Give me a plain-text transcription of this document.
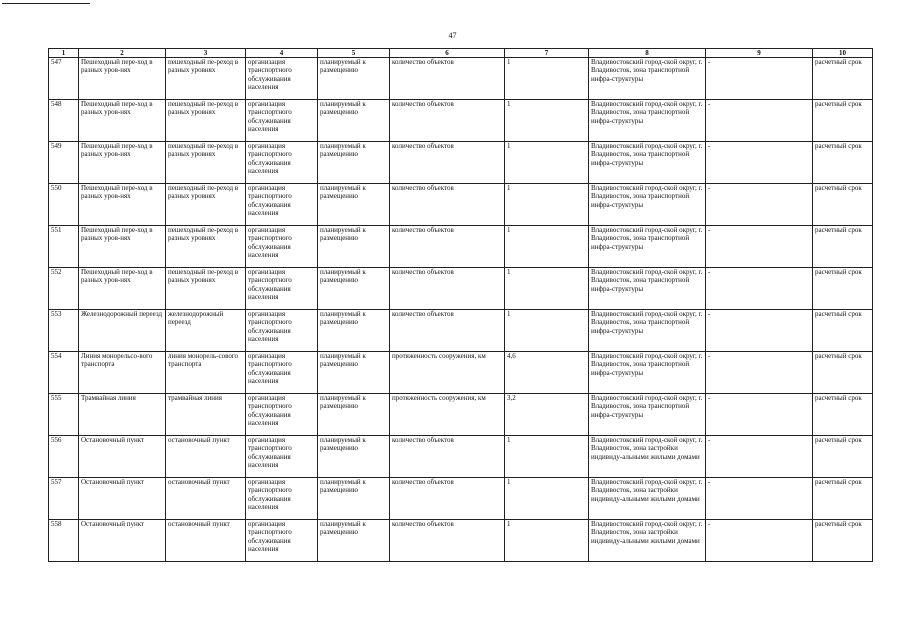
47
1	2	3	4	5	6	7	8	9	10
547	Пешеходный пере-ход в разных уров-нях	пешеходный пе-реход в разных уровнях	организация транспортного обслуживания населения	планируемый к размещению	количество объектов	1	Владивостокский город-ской округ, г. Владивосток, зона транспортной инфра-структуры	-	расчетный срок
548	Пешеходный пере-ход в разных уров-нях	пешеходный пе-реход в разных уровнях	организация транспортного обслуживания населения	планируемый к размещению	количество объектов	1	Владивостокский город-ской округ, г. Владивосток, зона транспортной инфра-структуры	-	расчетный срок
549	Пешеходный пере-ход в разных уров-нях	пешеходный пе-реход в разных уровнях	организация транспортного обслуживания населения	планируемый к размещению	количество объектов	1	Владивостокский город-ской округ, г. Владивосток, зона транспортной инфра-структуры	-	расчетный срок
550	Пешеходный пере-ход в разных уров-нях	пешеходный пе-реход в разных уровнях	организация транспортного обслуживания населения	планируемый к размещению	количество объектов	1	Владивостокский город-ской округ, г. Владивосток, зона транспортной инфра-структуры	-	расчетный срок
551	Пешеходный пере-ход в разных уров-нях	пешеходный пе-реход в разных уровнях	организация транспортного обслуживания населения	планируемый к размещению	количество объектов	1	Владивостокский город-ской округ, г. Владивосток, зона транспортной инфра-структуры	-	расчетный срок
552	Пешеходный пере-ход в разных уров-нях	пешеходный пе-реход в разных уровнях	организация транспортного обслуживания населения	планируемый к размещению	количество объектов	1	Владивостокский город-ской округ, г. Владивосток, зона транспортной инфра-структуры	-	расчетный срок
553	Железнодорожный переезд	железнодорожный переезд	организация транспортного обслуживания населения	планируемый к размещению	количество объектов	1	Владивостокский город-ской округ, г. Владивосток, зона транспортной инфра-структуры	-	расчетный срок
554	Линия монорельсо-вого транспорта	линия монорель-сового транспорта	организация транспортного обслуживания населения	планируемый к размещению	протяженность сооружения, км	4,6	Владивостокский город-ской округ, г. Владивосток, зона транспортной инфра-структуры	-	расчетный срок
555	Трамвайная линия	трамвайная линия	организация транспортного обслуживания населения	планируемый к размещению	протяженность сооружения, км	3,2	Владивостокский город-ской округ, г. Владивосток, зона транспортной инфра-структуры	-	расчетный срок
556	Остановочный пункт	остановочный пункт	организация транспортного обслуживания населения	планируемый к размещению	количество объектов	1	Владивостокский город-ской округ, г. Владивосток, зона застройки индивиду-альными жилыми домами	-	расчетный срок
557	Остановочный пункт	остановочный пункт	организация транспортного обслуживания населения	планируемый к размещению	количество объектов	1	Владивостокский город-ской округ, г. Владивосток, зона застройки индивиду-альными жилыми домами	-	расчетный срок
558	Остановочный пункт	остановочный пункт	организация транспортного обслуживания населения	планируемый к размещению	количество объектов	1	Владивостокский город-ской округ, г. Владивосток, зона застройки индивиду-альными жилыми домами	-	расчетный срок
